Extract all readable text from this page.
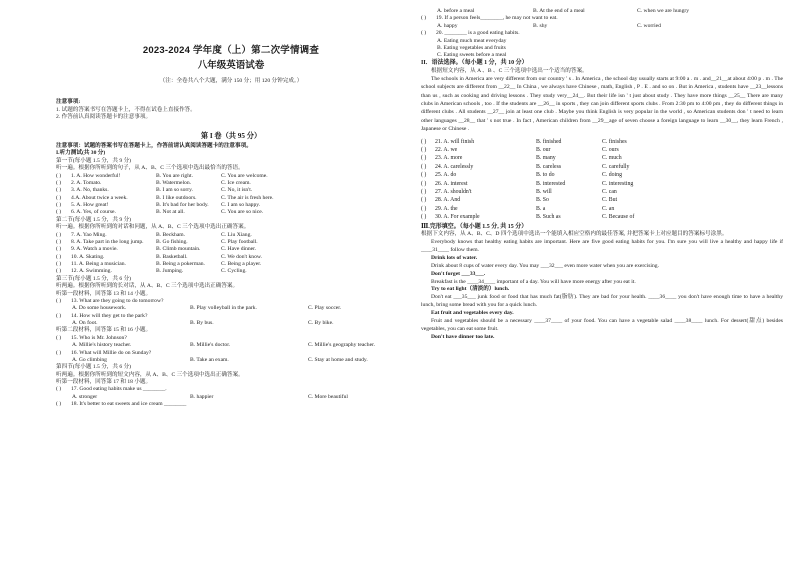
2023-2024 学年度（上）第二次学情调查
八年级英语试卷
（注：全卷共八个大题，满分 150 分；用 120 分钟完成。）
注意事项:
1. 试题的答案书写在答题卡上，不得在试卷上直接作答。
2. 作答前认真阅读答题卡的注意事项。
第 I 卷（共 95 分）
注意事项：试题的答案书写在答题卡上，作答前请认真阅读答题卡的注意事项。
I.听力测试(共 30 分)
第一节(每小题 1.5 分，共 9 分)
听一遍。根据你所听到的句子，从 A、B、C 三个选项中选出最恰当的答语。
( )	1. A. How wonderful!	B. You are right.	C. You are welcome.
( )	2. A. Tomato.	B. Watermelon.	C. Ice cream.
( )	3. A. No, thanks.	B. I am so sorry.	C. No, it isn't.
( )	4.A. About twice a week.	B. I like outdoors.	C. The air is fresh here.
( )	5. A. How great!	B. It's bad for her body.	C. I am so happy.
( )	6. A. Yes, of course.	B. Not at all.	C. You are so nice.
第二节(每小题 1.5 分，共 9 分)
听一遍。根据你所听到的对话和问题，从 A、B、C 三个选项中选出正确答案。
( )	7. A. Yao Ming.	B. Beckham.	C. Liu Xiang.
( )	8. A. Take part in the long jump.	B. Go fishing.	C. Play football.
( )	9. A. Watch a movie.	B. Climb mountain.	C. Have dinner.
( )	10. A. Skating.	B. Basketball.	C. We don't know.
( )	11. A. Being a musician.	B. Being a pokerman.	C. Being a player.
( )	12. A. Swimming.	B. Jumping.	C. Cycling.
第三节(每小题 1.5 分，共 6 分)
听两遍。根据你所听到的长对话，从 A、B、C 三个选项中选出正确答案。
听第一段材料，回答第 13 和 14 小题。
( )	13. What are they going to do tomorrow?
A. Do some housework.	B. Play volleyball in the park.	C. Play soccer.
( )	14. How will they get to the park?
A. On foot.	B. By bus.	C. By bike.
听第二段材料，回答第 15 和 16 小题。
( )	15. Who is Mr. Johnson?
A. Millie's history teacher.	B. Millie's doctor.	C. Millie's geography teacher.
( )	16. What will Millie do on Sunday?
A. Go climbing	B. Take an exam.	C. Stay at home and study.
第四节(每小题 1.5 分，共 6 分)
听两遍。根据你所听到的短文内容，从 A、B、C 三个选项中选出正确答案。
听第一段材料，回答第 17 和 18 小题。
( )	17. Good eating habits make us ________.
A. stronger	B. happier	C. More beautiful
( )	18. It's better to eat sweets and ice cream ________
A. before a meal	B. At the end of a meal	C. when we are hungry
( )	19. If a person feels________, he may not want to eat.
A. happy	B. shy	C. worried
( )	20. ________ is a good eating habits.
A. Eating much meat everyday
B. Eating vegetables and fruits
C. Eating sweets before a meal
II．语法选择。（每小题 1 分，共 10 分）
根据短文内容，从 A 、B 、C 三个选项中选出一个适当的答案。
The schools in America are very different from our country ' s . In America , the school day usually starts at 9:00 a . m . and__21__at about 4:00 p . m . The school subjects are different from __22__ In China , we always have Chinese , math, English , P . E . and so on . But in America , students have __23__lessons than us , such as cooking and driving lessons . They study very__24__. But their life isn ' t just about study . They have more things __25__ There are many clubs in American schools , too . If the students are __26__ in sports , they can join different sports clubs . From 2:30 pm to 4:00 pm , they do different things in different clubs . All students __27__ join at least one club . Maybe you think English is very popular in the world , so American students don ' t need to learn other languages __28__ that ' s not true . In fact , American children from __29__age of seven choose a foreign language to learn __30__, they learn French , Japanese or Chinese .
( )	21. A. will finish	B. finished	C. finishes
( )	22. A. we	B. our	C. ours
( )	23. A. more	B. many	C. much
( )	24. A. carelessly	B. careless	C. carefully
( )	25. A. do	B. to do	C. doing
( )	26. A. interest	B. interested	C. interesting
( )	27. A. shouldn't	B. will	C. can
( )	28. A. And	B. So	C. But
( )	29. A. the	B. a	C. an
( )	30. A. For example	B. Such as	C. Because of
Ⅲ.完形填空。（每小题 1.5 分, 共 15 分）
根据下文内容，从 A、B、C、D 四个选项中选出一个能填入相应空格内的最佳答案, 并把答案卡上对应题目的答案标号涂黑。
Everybody knows that healthy eating habits are important. Here are five good eating habits for you. I'm sure you will live a healthy and happy life if ____31____ follow them.
Drink lots of water.
Drink about 8 cups of water every day. You may ___32___ even more water when you are exercising.
Don't forget ___33___.
Breakfast is the ____34____ important of a day. You will have more energy after you eat it.
Try to eat light（清淡的）lunch.
Don't eat ___35___ junk food or food that has much fat(脂肪). They are bad for your health. ____36____ you don't have enough time to have a healthy lunch, bring some bread with you for a quick lunch.
Eat fruit and vegetables every day.
Fruit and vegetables should be a necessary ____37____ of your food. You can have a vegetable salad ____38____ lunch. For dessert(甜点) besides vegetables, you can eat some fruit.
Don't have dinner too late.
